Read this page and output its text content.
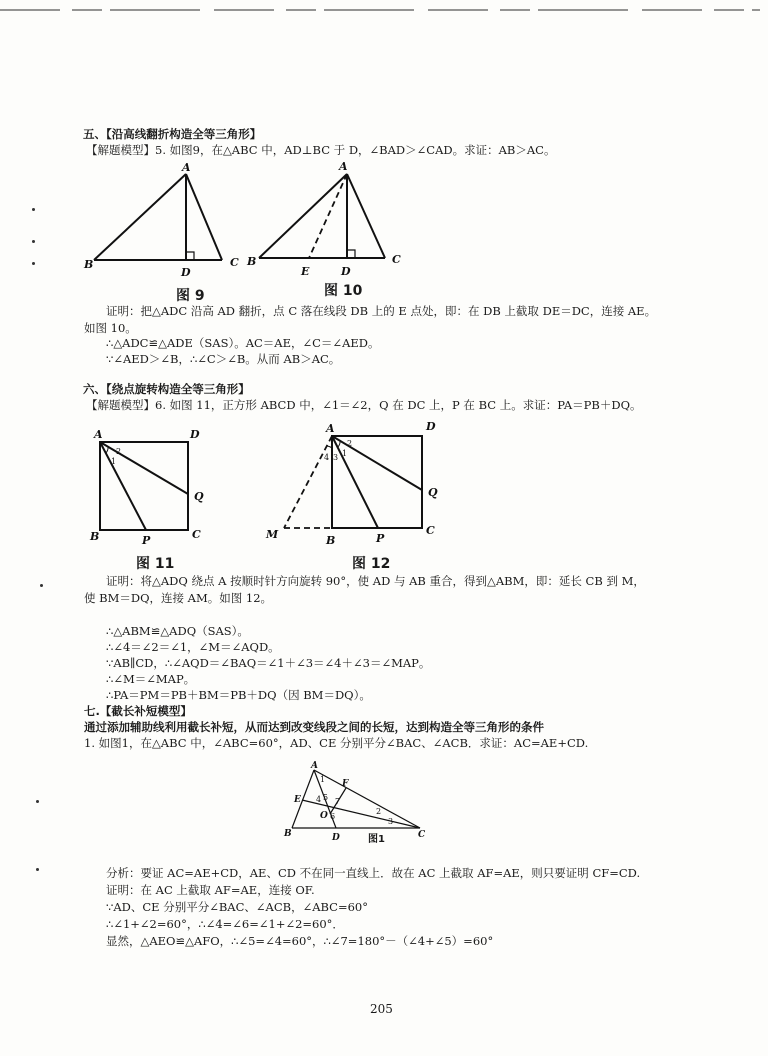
五、【沿高线翻折构造全等三角形】
【解题模型】5. 如图9，在△ABC 中，AD⊥BC 于 D，∠BAD＞∠CAD。求证：AB＞AC。
A
B	C
D
图 9
A
B	C
E	D
图 10
证明：把△ADC 沿高 AD 翻折，点 C 落在线段 DB 上的 E 点处，即：在 DB 上截取 DE＝DC，连接 AE。
如图 10。
∴△ADC≌△ADE（SAS）。AC＝AE，∠C＝∠AED。
∵∠AED＞∠B，∴∠C＞∠B。从而 AB＞AC。
六、【绕点旋转构造全等三角形】
【解题模型】6. 如图 11，正方形 ABCD 中，∠1＝∠2，Q 在 DC 上，P 在 BC 上。求证：PA＝PB＋DQ。
A	D
Q
B	P	C
2
1
图 11
A	D
Q
M	B	P
C
2
1
3
4
图 12
证明：将△ADQ 绕点 A 按顺时针方向旋转 90°，使 AD 与 AB 重合，得到△ABM，即：延长 CB 到 M，
使 BM＝DQ，连接 AM。如图 12。
∴△ABM≌△ADQ（SAS）。
∴∠4＝∠2＝∠1，∠M＝∠AQD。
∵AB∥CD，∴∠AQD＝∠BAQ＝∠1＋∠3＝∠4＋∠3＝∠MAP。
∴∠M＝∠MAP。
∴PA＝PM＝PB＋BM＝PB＋DQ（因 BM＝DQ）。
七.【截长补短模型】
通过添加辅助线利用截长补短，从而达到改变线段之间的长短，达到构造全等三角形的条件
1. 如图1，在△ABC 中，∠ABC=60°，AD、CE 分别平分∠BAC、∠ACB．求证：AC=AE+CD.
A
F
E
O
B	D	C
1
4 5 7
6
2
3
图1
分析：要证 AC=AE+CD，AE、CD 不在同一直线上．故在 AC 上截取 AF=AE，则只要证明 CF=CD.
证明：在 AC 上截取 AF=AE，连接 OF.
∵AD、CE 分别平分∠BAC、∠ACB，∠ABC=60°
∴∠1+∠2=60°，∴∠4=∠6=∠1+∠2=60°．
显然，△AEO≌△AFO，∴∠5=∠4=60°，∴∠7=180°－（∠4+∠5）=60°
205
